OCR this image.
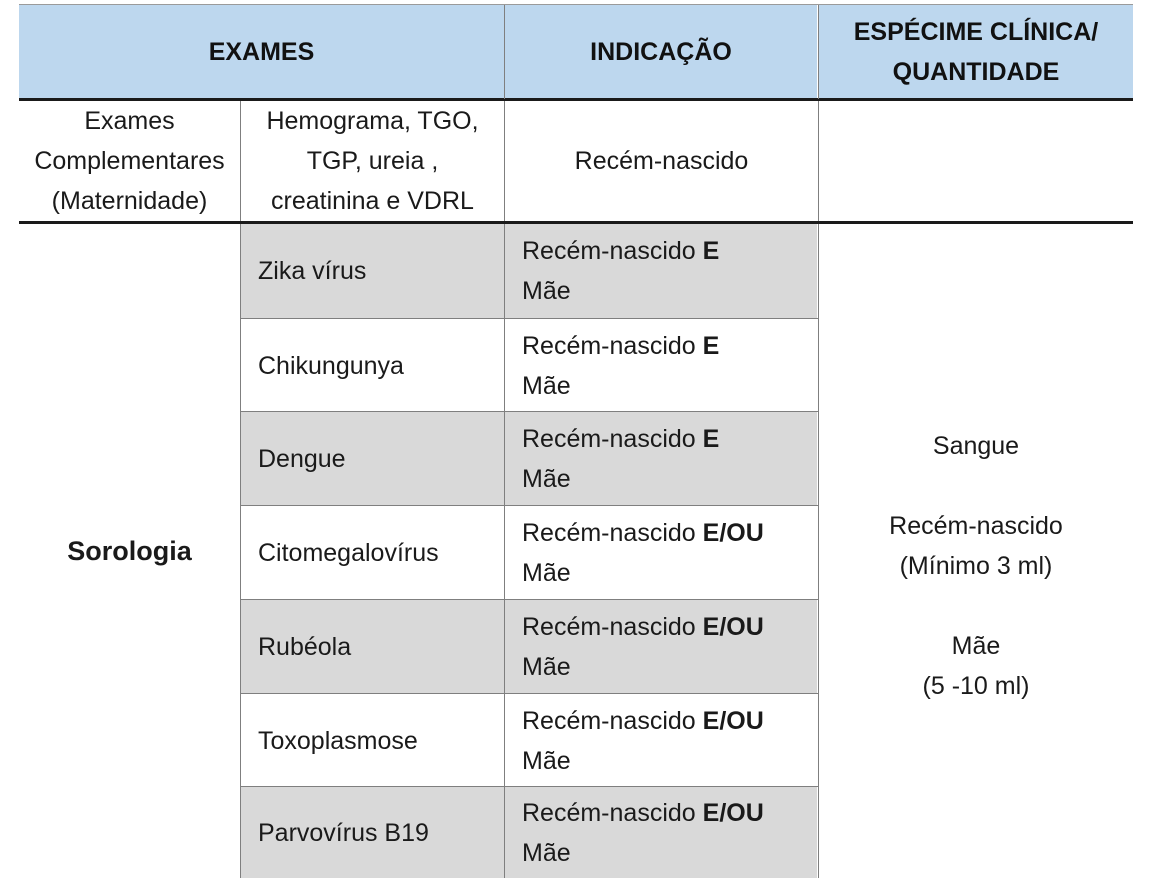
EXAMES	INDICAÇÃO
ESPÉCIME CLÍNICA/
QUANTIDADE
Exames
Complementares
(Maternidade)
Hemograma, TGO,
TGP, ureia ,
creatinina e VDRL
Recém-nascido
Sorologia
Zika vírus
Recém-nascido E
Mãe
Chikungunya
Recém-nascido E
Mãe
Dengue
Recém-nascido E
Mãe
Citomegalovírus
Recém-nascido E/OU
Mãe
Rubéola
Recém-nascido E/OU
Mãe
Toxoplasmose
Recém-nascido E/OU
Mãe
Parvovírus B19
Recém-nascido E/OU
Mãe
Sangue
Recém-nascido
(Mínimo 3 ml)
Mãe
(5 -10 ml)
